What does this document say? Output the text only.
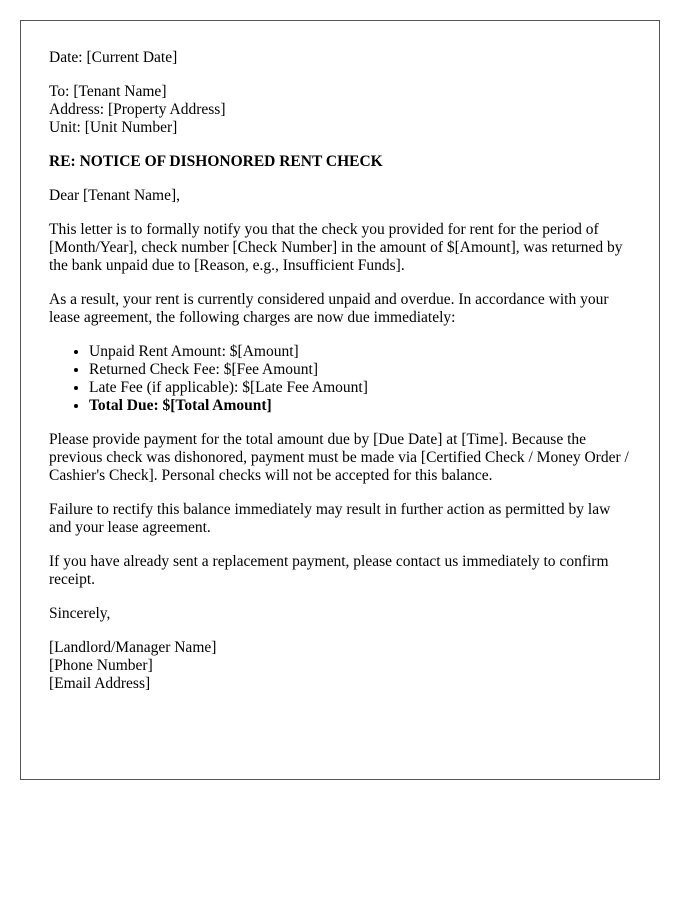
Date: [Current Date]

To: [Tenant Name]
Address: [Property Address]
Unit: [Unit Number]

RE: NOTICE OF DISHONORED RENT CHECK

Dear [Tenant Name],

This letter is to formally notify you that the check you provided for rent for the period of [Month/Year], check number [Check Number] in the amount of $[Amount], was returned by the bank unpaid due to [Reason, e.g., Insufficient Funds].

As a result, your rent is currently considered unpaid and overdue. In accordance with your lease agreement, the following charges are now due immediately:

• Unpaid Rent Amount: $[Amount]
• Returned Check Fee: $[Fee Amount]
• Late Fee (if applicable): $[Late Fee Amount]
• Total Due: $[Total Amount]

Please provide payment for the total amount due by [Due Date] at [Time]. Because the previous check was dishonored, payment must be made via [Certified Check / Money Order / Cashier's Check]. Personal checks will not be accepted for this balance.

Failure to rectify this balance immediately may result in further action as permitted by law and your lease agreement.

If you have already sent a replacement payment, please contact us immediately to confirm receipt.

Sincerely,

[Landlord/Manager Name]
[Phone Number]
[Email Address]
